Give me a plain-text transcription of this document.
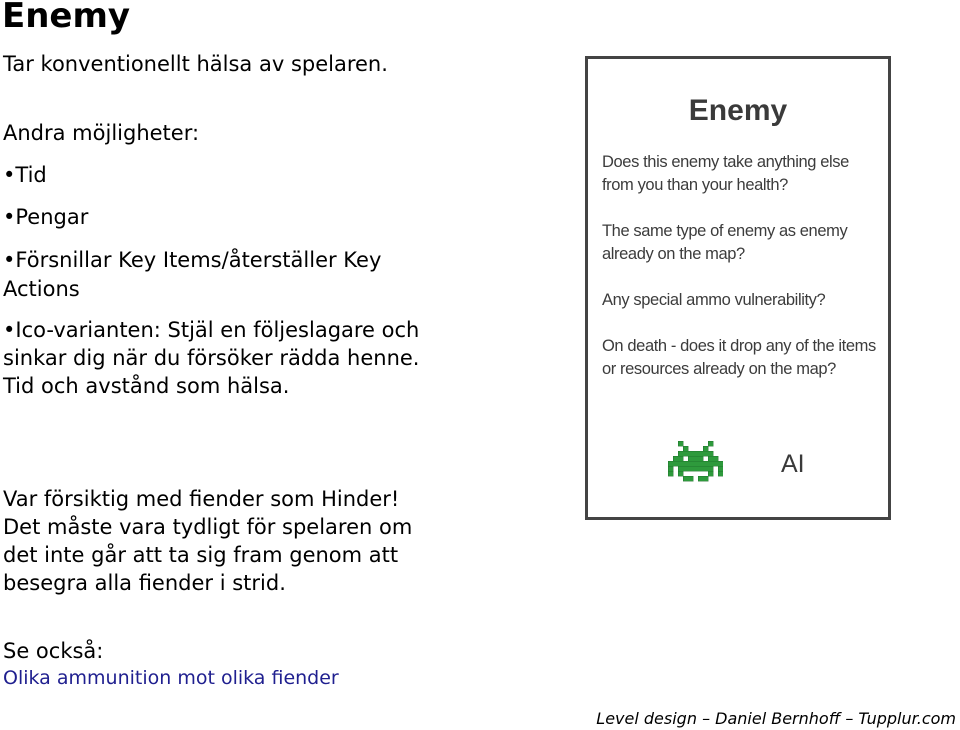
Enemy

Tar konventionellt hälsa av spelaren.

Andra möjligheter:

•Tid

•Pengar

•Försnillar Key Items/återställer Key Actions

•Ico-varianten: Stjäl en följeslagare och sinkar dig när du försöker rädda henne. Tid och avstånd som hälsa.

Var försiktig med fiender som Hinder! Det måste vara tydligt för spelaren om det inte går att ta sig fram genom att besegra alla fiender i strid.

Se också:

Olika ammunition mot olika fiender
Level design – Daniel Bernhoff – Tupplur.com
Enemy
Does this enemy take anything else from you than your health?
The same type of enemy as enemy already on the map?
Any special ammo vulnerability?
On death - does it drop any of the items or resources already on the map?
AI
